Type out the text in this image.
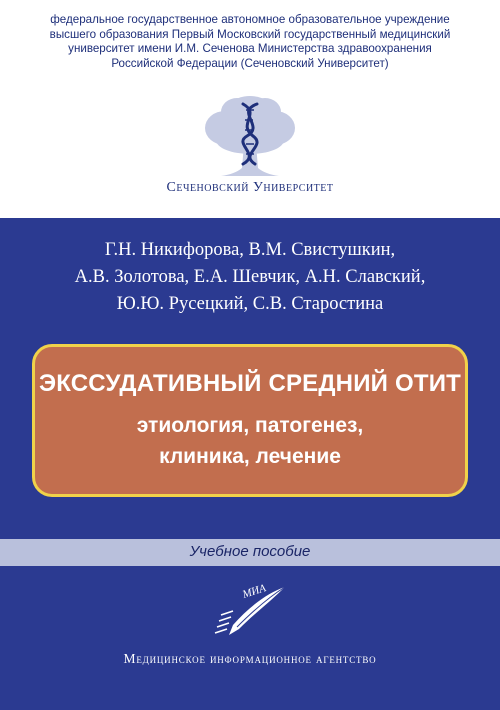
федеральное государственное автономное образовательное учреждение
высшего образования Первый Московский государственный медицинский
университет имени И.М. Сеченова Министерства здравоохранения
Российской Федерации (Сеченовский Университет)
Сеченовский Университет
Г.Н. Никифорова, В.М. Свистушкин,
А.В. Золотова, Е.А. Шевчик, А.Н. Славский,
Ю.Ю. Русецкий, С.В. Старостина
ЭКССУДАТИВНЫЙ СРЕДНИЙ ОТИТ
этиология, патогенез,
клиника, лечение
Учебное пособие
МИА
Медицинское информационное агентство
